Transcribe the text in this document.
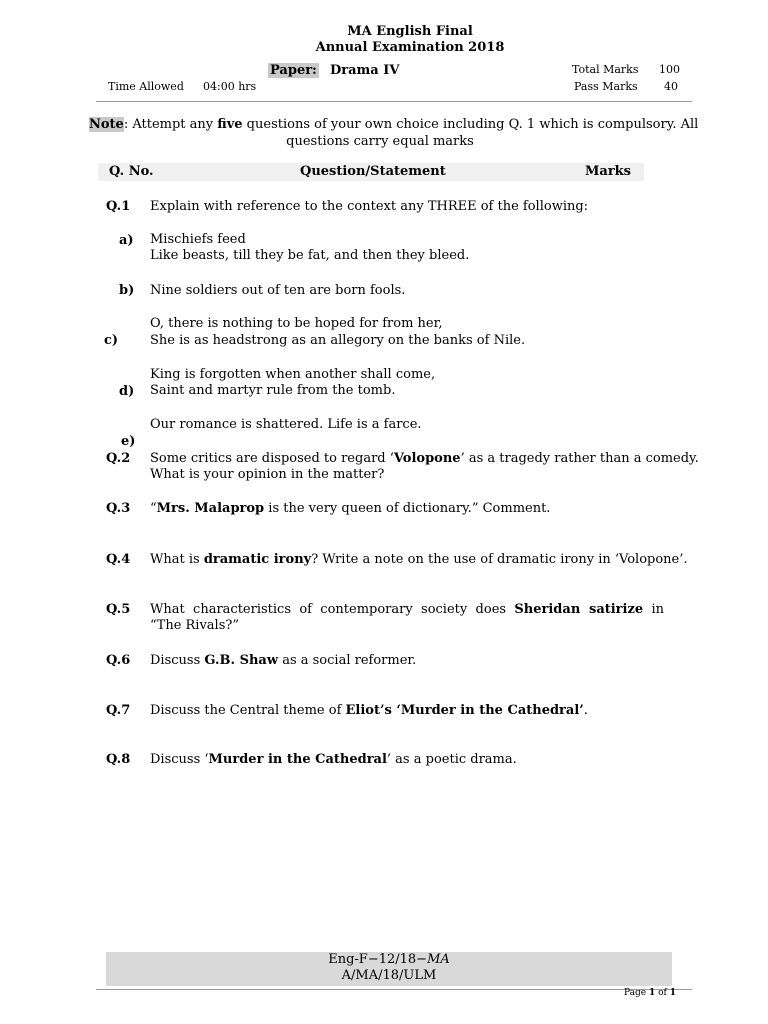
MA English Final
Annual Examination 2018
Paper: Drama IV
Time Allowed 04:00 hrs
Total Marks 100
Pass Marks 40
Note: Attempt any five questions of your own choice including Q. 1 which is compulsory. All
questions carry equal marks
Q. No.	Question/Statement	Marks
Q.1 Explain with reference to the context any THREE of the following:
a) Mischiefs feed
Like beasts, till they be fat, and then they bleed.
b) Nine soldiers out of ten are born fools.
O, there is nothing to be hoped for from her,
c) She is as headstrong as an allegory on the banks of Nile.
King is forgotten when another shall come,
d) Saint and martyr rule from the tomb.
Our romance is shattered. Life is a farce.
e)
Q.2 Some critics are disposed to regard ‘Volopone’ as a tragedy rather than a comedy.
What is your opinion in the matter?
Q.3 “Mrs. Malaprop is the very queen of dictionary.” Comment.
Q.4 What is dramatic irony? Write a note on the use of dramatic irony in ‘Volopone’.
Q.5 What characteristics of contemporary society does Sheridan satirize in “The Rivals?”
Q.6 Discuss G.B. Shaw as a social reformer.
Q.7 Discuss the Central theme of Eliot’s ‘Murder in the Cathedral’.
Q.8 Discuss ‘Murder in the Cathedral’ as a poetic drama.
Eng-F−12/18−MA
A/MA/18/ULM
Page 1 of 1
